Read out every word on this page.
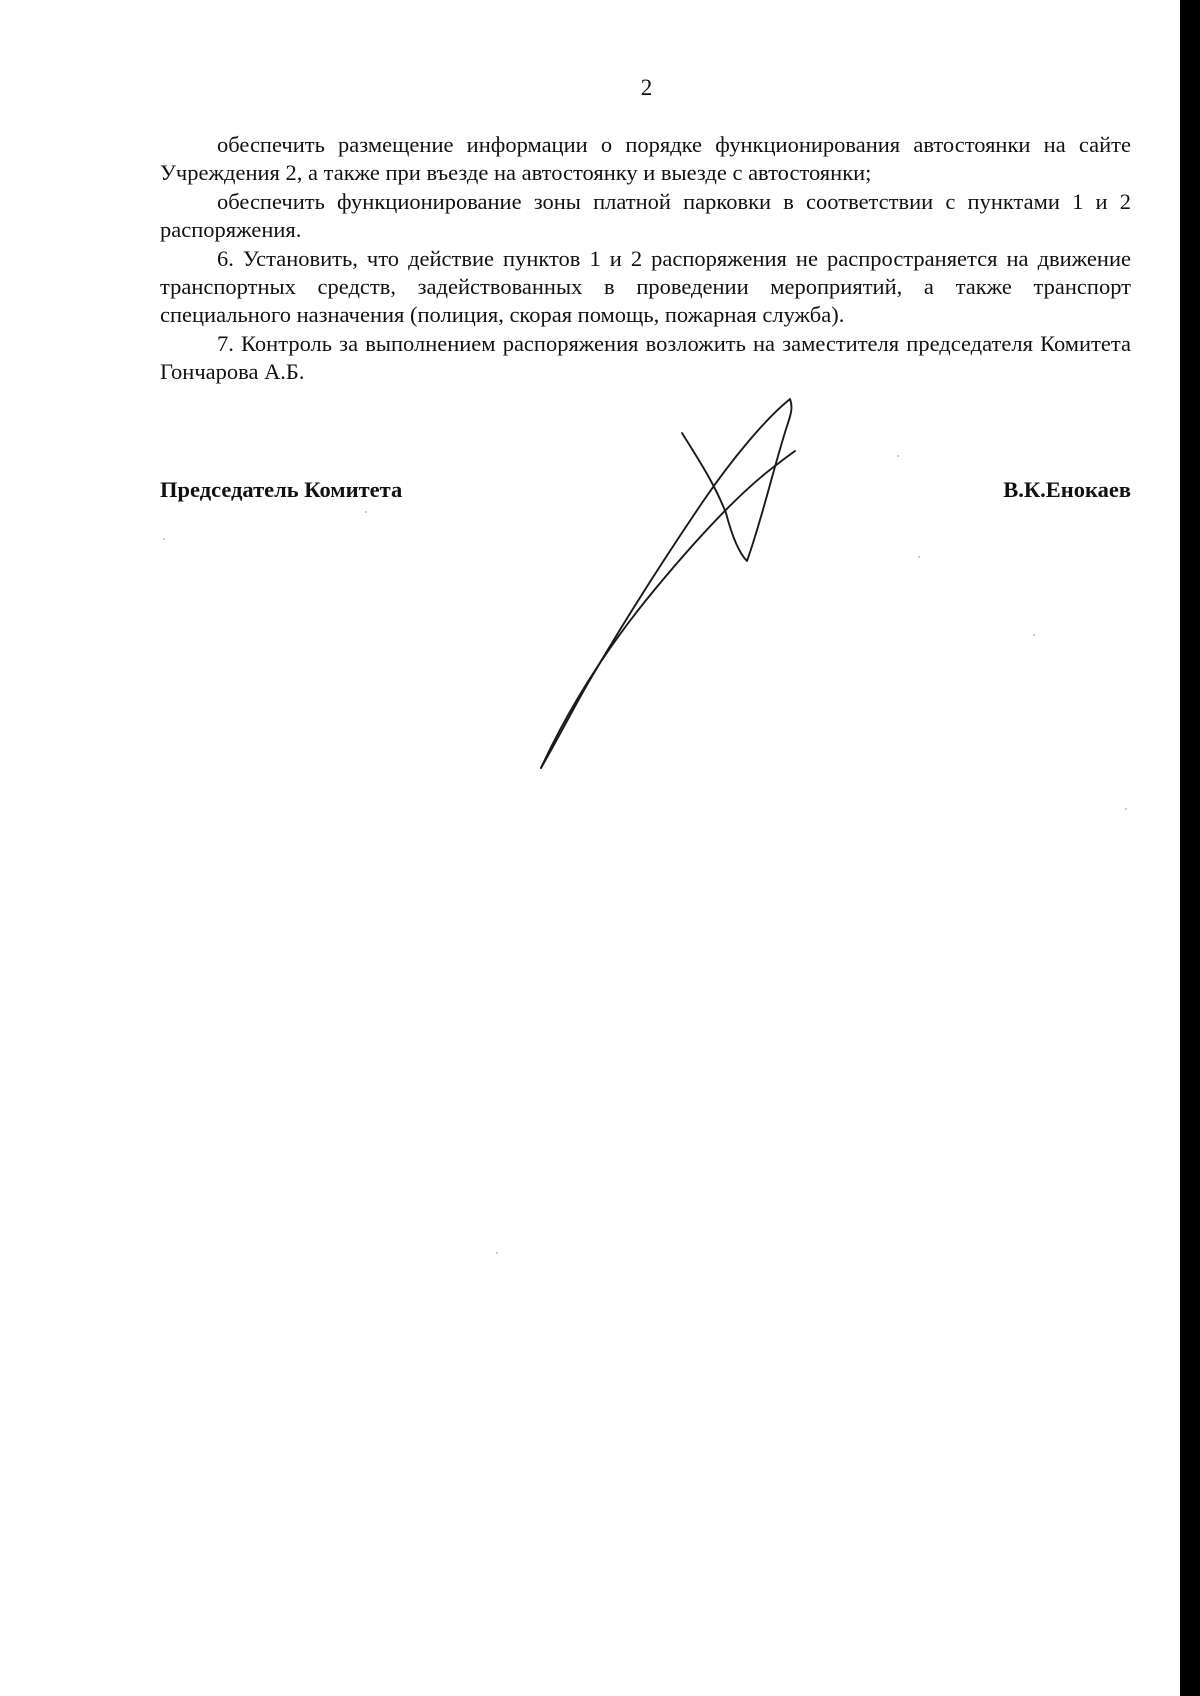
2

обеспечить размещение информации о порядке функционирования автостоянки на сайте Учреждения 2, а также при въезде на автостоянку и выезде с автостоянки;

обеспечить функционирование зоны платной парковки в соответствии с пунктами 1 и 2 распоряжения.

6. Установить, что действие пунктов 1 и 2 распоряжения не распространяется на движение транспортных средств, задействованных в проведении мероприятий, а также транспорт специального назначения (полиция, скорая помощь, пожарная служба).

7. Контроль за выполнением распоряжения возложить на заместителя председателя Комитета Гончарова А.Б.

Председатель Комитета	В.К.Енокаев
